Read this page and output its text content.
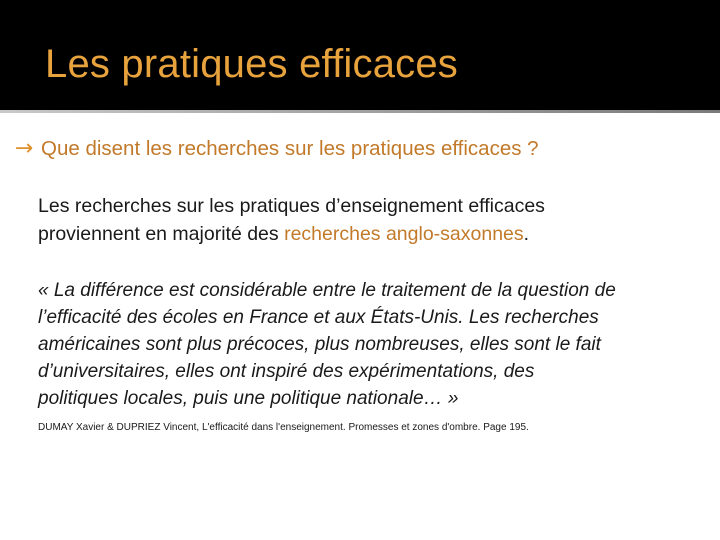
Les pratiques efficaces
→ Que disent les recherches sur les pratiques efficaces ?
Les recherches sur les pratiques d’enseignement efficaces
proviennent en majorité des recherches anglo-saxonnes.
« La différence est considérable entre le traitement de la question de
l’efficacité des écoles en France et aux États-Unis. Les recherches
américaines sont plus précoces, plus nombreuses, elles sont le fait
d’universitaires, elles ont inspiré des expérimentations, des
politiques locales, puis une politique nationale… »
DUMAY Xavier & DUPRIEZ Vincent, L'efficacité dans l'enseignement. Promesses et zones d'ombre. Page 195.
